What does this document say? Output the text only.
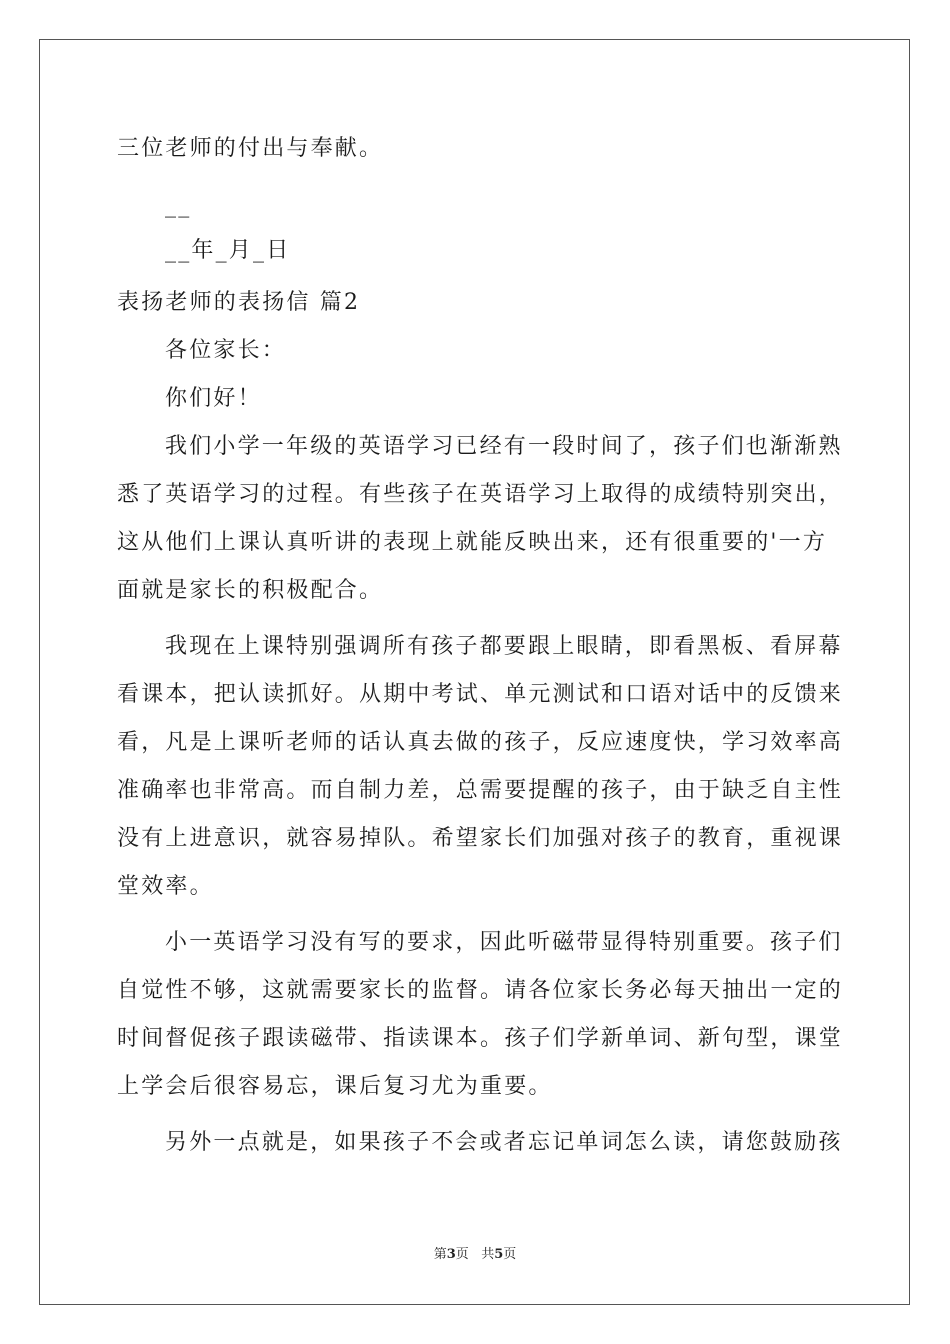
三位老师的付出与奉献。
__
__年_月_日
表扬老师的表扬信 篇2
各位家长：
你们好！
我们小学一年级的英语学习已经有一段时间了，孩子们也渐渐熟
悉了英语学习的过程。有些孩子在英语学习上取得的成绩特别突出，
这从他们上课认真听讲的表现上就能反映出来，还有很重要的'一方
面就是家长的积极配合。
我现在上课特别强调所有孩子都要跟上眼睛，即看黑板、看屏幕
看课本，把认读抓好。从期中考试、单元测试和口语对话中的反馈来
看，凡是上课听老师的话认真去做的孩子，反应速度快，学习效率高
准确率也非常高。而自制力差，总需要提醒的孩子，由于缺乏自主性
没有上进意识，就容易掉队。希望家长们加强对孩子的教育，重视课
堂效率。
小一英语学习没有写的要求，因此听磁带显得特别重要。孩子们
自觉性不够，这就需要家长的监督。请各位家长务必每天抽出一定的
时间督促孩子跟读磁带、指读课本。孩子们学新单词、新句型，课堂
上学会后很容易忘，课后复习尤为重要。
另外一点就是，如果孩子不会或者忘记单词怎么读，请您鼓励孩
第3页 共5页
